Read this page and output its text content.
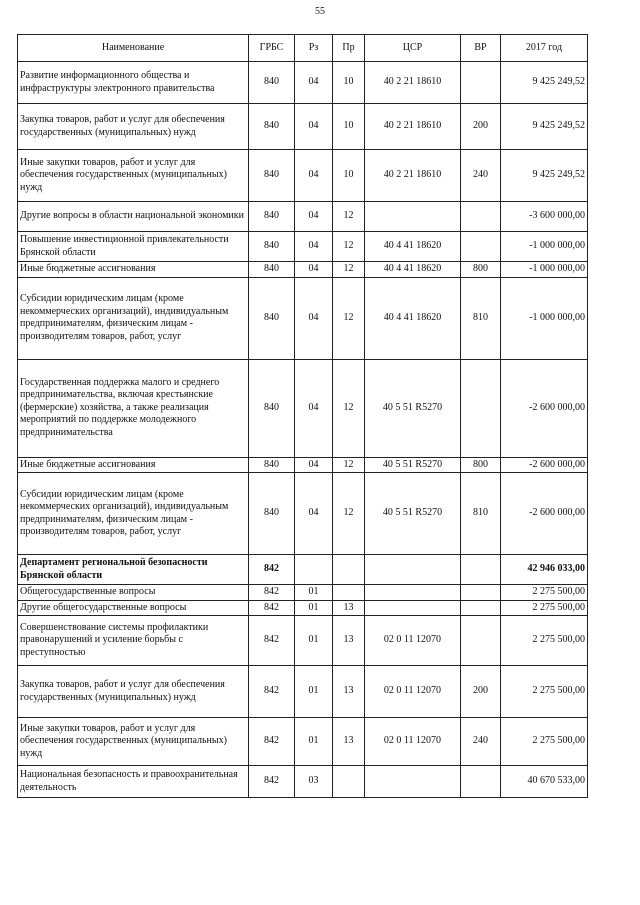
55
Наименование	ГРБС	Рз	Пр	ЦСР	ВР	2017 год
Развитие информационного общества и инфраструктуры электронного правительства	840	04	10	40 2 21 18610		9 425 249,52
Закупка товаров, работ и услуг для обеспечения государственных (муниципальных) нужд	840	04	10	40 2 21 18610	200	9 425 249,52
Иные закупки товаров, работ и услуг для обеспечения государственных (муниципальных) нужд	840	04	10	40 2 21 18610	240	9 425 249,52
Другие вопросы в области национальной экономики	840	04	12			-3 600 000,00
Повышение инвестиционной привлекательности Брянской области	840	04	12	40 4 41 18620		-1 000 000,00
Иные бюджетные ассигнования	840	04	12	40 4 41 18620	800	-1 000 000,00
Субсидии юридическим лицам (кроме некоммерческих организаций), индивидуальным предпринимателям, физическим лицам - производителям товаров, работ, услуг	840	04	12	40 4 41 18620	810	-1 000 000,00
Государственная поддержка малого и среднего предпринимательства, включая крестьянские (фермерские) хозяйства, а также реализация мероприятий по поддержке молодежного предпринимательства	840	04	12	40 5 51 R5270		-2 600 000,00
Иные бюджетные ассигнования	840	04	12	40 5 51 R5270	800	-2 600 000,00
Субсидии юридическим лицам (кроме некоммерческих организаций), индивидуальным предпринимателям, физическим лицам - производителям товаров, работ, услуг	840	04	12	40 5 51 R5270	810	-2 600 000,00
Департамент региональной безопасности Брянской области	842					42 946 033,00
Общегосударственные вопросы	842	01				2 275 500,00
Другие общегосударственные вопросы	842	01	13			2 275 500,00
Совершенствование системы профилактики правонарушений и усиление борьбы с преступностью	842	01	13	02 0 11 12070		2 275 500,00
Закупка товаров, работ и услуг для обеспечения государственных (муниципальных) нужд	842	01	13	02 0 11 12070	200	2 275 500,00
Иные закупки товаров, работ и услуг для обеспечения государственных (муниципальных) нужд	842	01	13	02 0 11 12070	240	2 275 500,00
Национальная безопасность и правоохранительная деятельность	842	03				40 670 533,00
